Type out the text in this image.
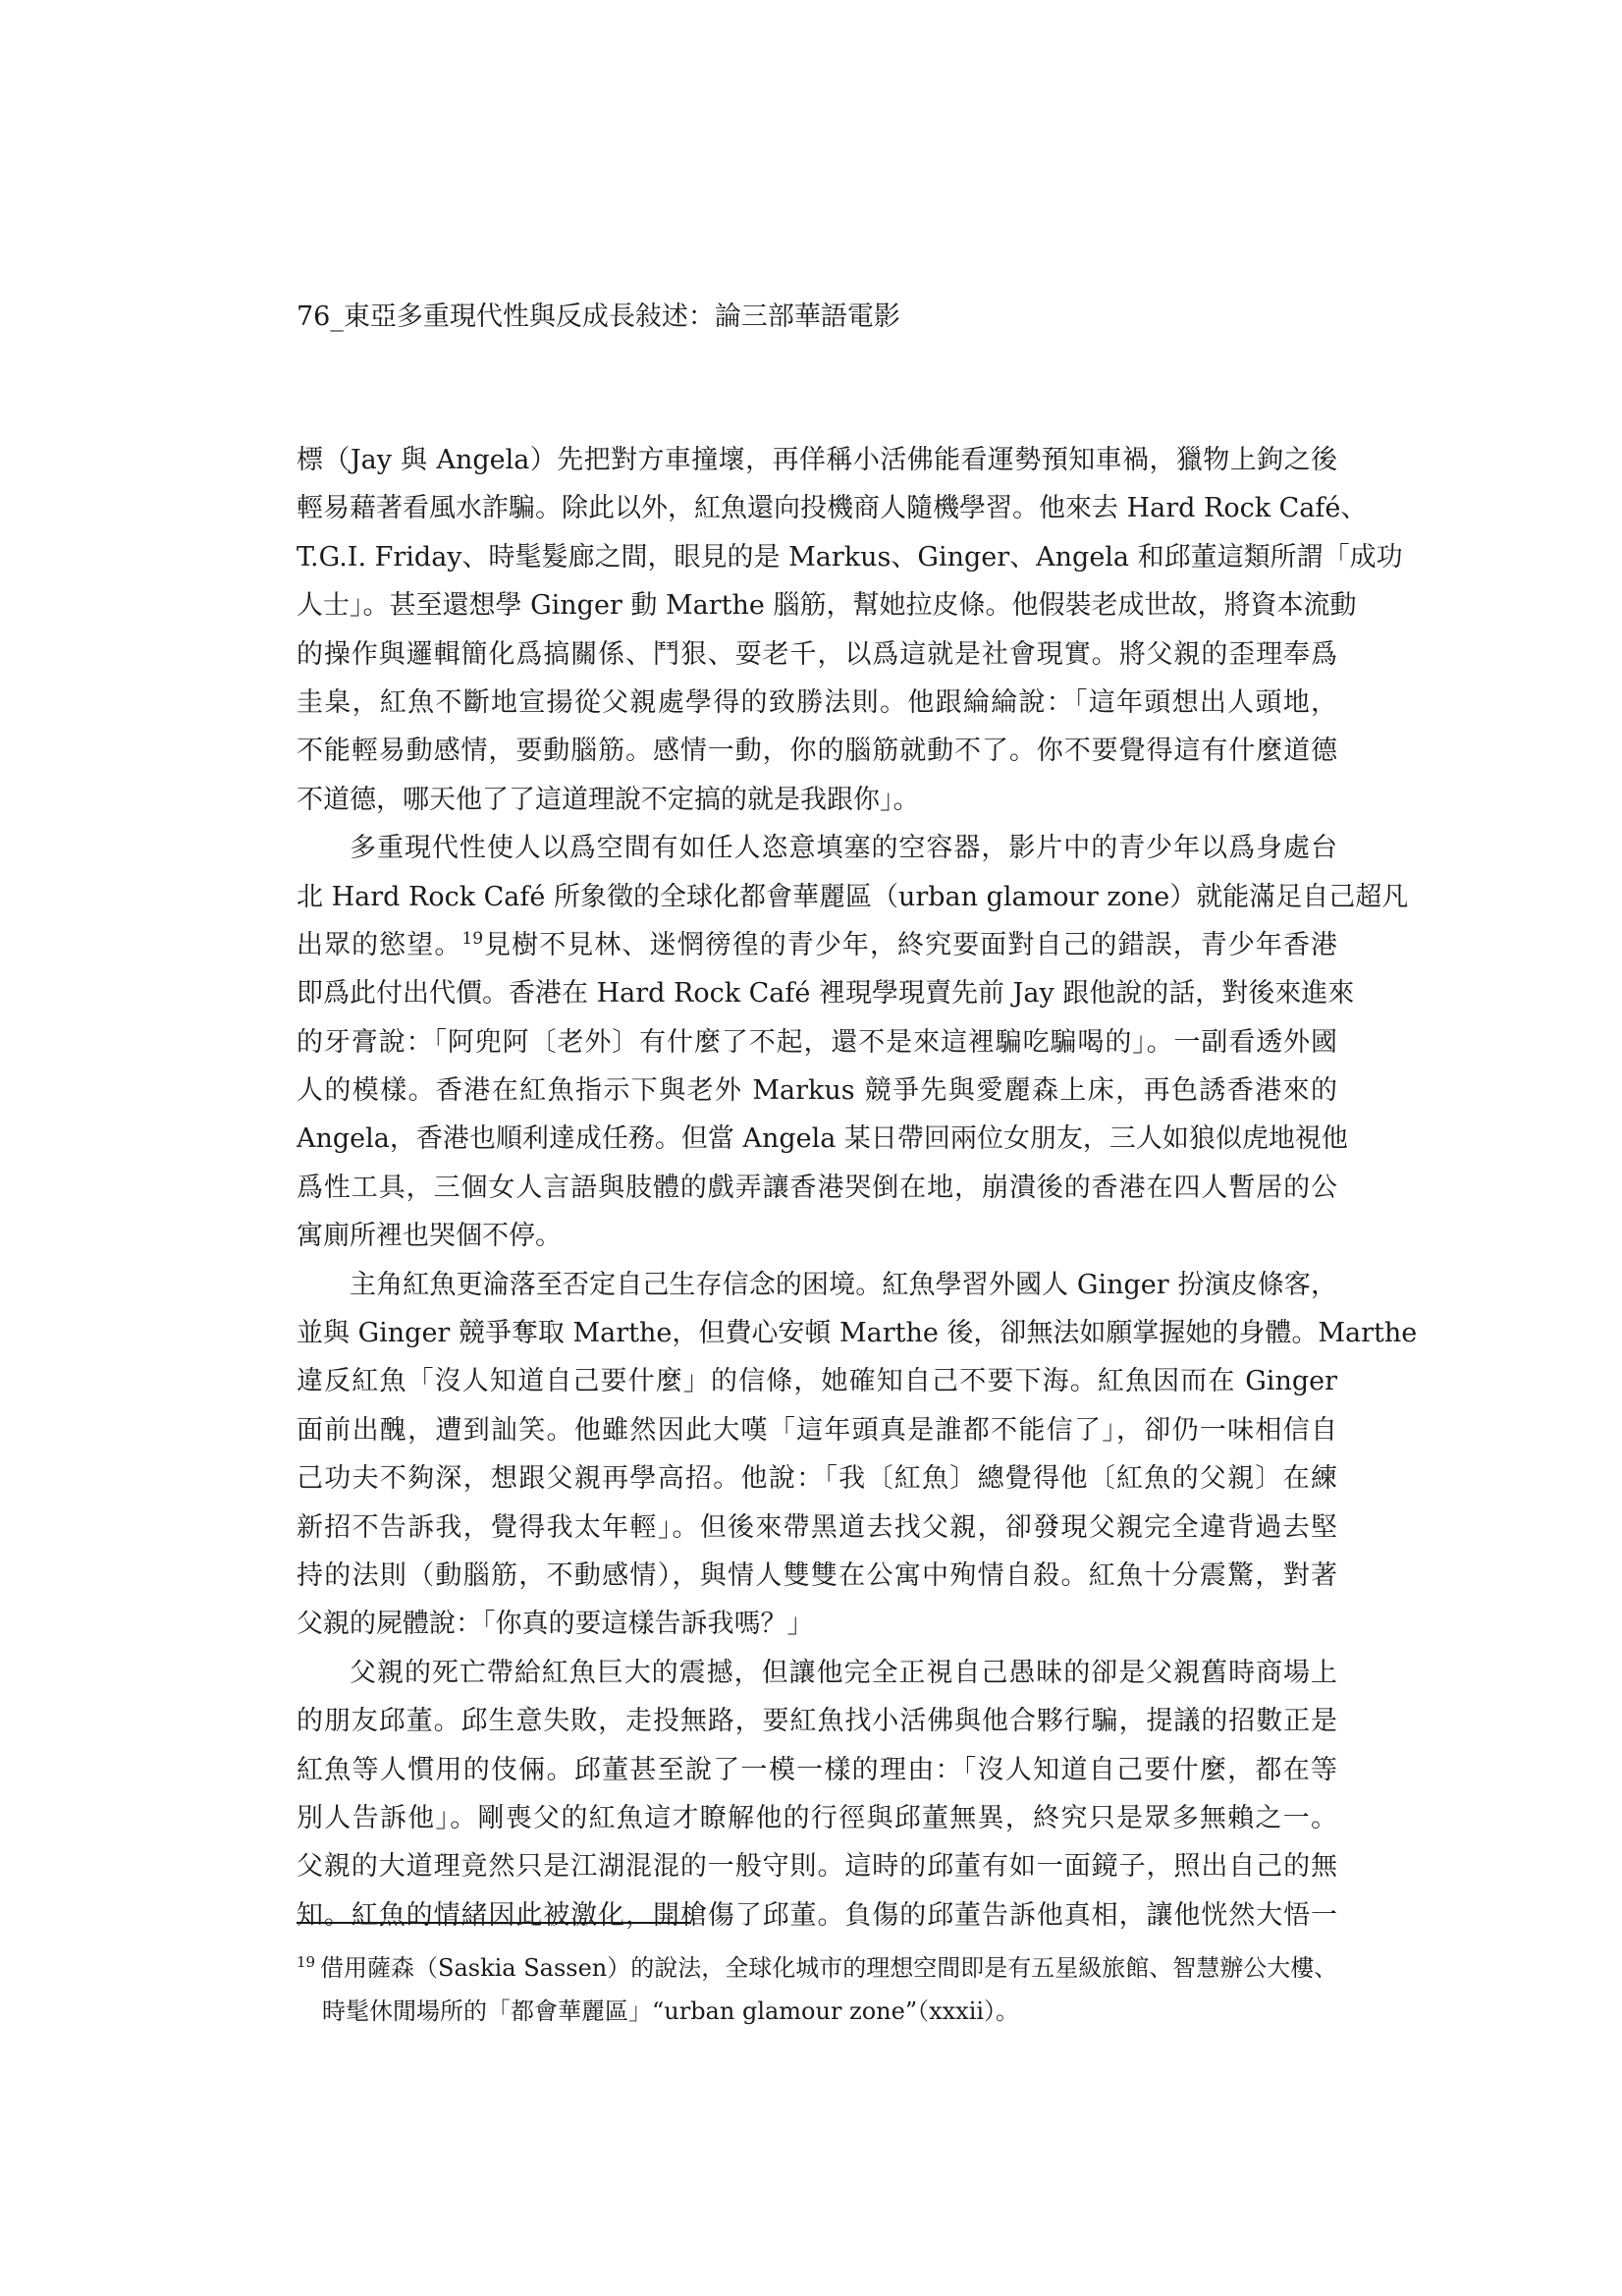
76_東亞多重現代性與反成長敍述：論三部華語電影
標（Jay 與 Angela）先把對方車撞壞，再佯稱小活佛能看運勢預知車禍，獵物上鉤之後
輕易藉著看風水詐騙。除此以外，紅魚還向投機商人隨機學習。他來去 Hard Rock Café、
T.G.I. Friday、時髦髮廊之間，眼見的是 Markus、Ginger、Angela 和邱董這類所謂「成功
人士」。甚至還想學 Ginger 動 Marthe 腦筋，幫她拉皮條。他假裝老成世故，將資本流動
的操作與邏輯簡化爲搞關係、鬥狠、耍老千，以爲這就是社會現實。將父親的歪理奉爲
圭臬，紅魚不斷地宣揚從父親處學得的致勝法則。他跟綸綸說：「這年頭想出人頭地，
不能輕易動感情，要動腦筋。感情一動，你的腦筋就動不了。你不要覺得這有什麼道德
不道德，哪天他了了這道理說不定搞的就是我跟你」。
多重現代性使人以爲空間有如任人恣意填塞的空容器，影片中的青少年以爲身處台
北 Hard Rock Café 所象徵的全球化都會華麗區（urban glamour zone）就能滿足自己超凡
出眾的慾望。$^{19}$見樹不見林、迷惘徬徨的青少年，終究要面對自己的錯誤，青少年香港
即爲此付出代價。香港在 Hard Rock Café 裡現學現賣先前 Jay 跟他說的話，對後來進來
的牙膏說：「阿兜阿〔老外〕有什麼了不起，還不是來這裡騙吃騙喝的」。一副看透外國
人的模樣。香港在紅魚指示下與老外 Markus 競爭先與愛麗森上床，再色誘香港來的
Angela，香港也順利達成任務。但當 Angela 某日帶回兩位女朋友，三人如狼似虎地視他
爲性工具，三個女人言語與肢體的戲弄讓香港哭倒在地，崩潰後的香港在四人暫居的公
寓廁所裡也哭個不停。
主角紅魚更淪落至否定自己生存信念的困境。紅魚學習外國人 Ginger 扮演皮條客，
並與 Ginger 競爭奪取 Marthe，但費心安頓 Marthe 後，卻無法如願掌握她的身體。Marthe
違反紅魚「沒人知道自己要什麼」的信條，她確知自己不要下海。紅魚因而在 Ginger
面前出醜，遭到訕笑。他雖然因此大嘆「這年頭真是誰都不能信了」，卻仍一味相信自
己功夫不夠深，想跟父親再學高招。他說：「我〔紅魚〕總覺得他〔紅魚的父親〕在練
新招不告訴我，覺得我太年輕」。但後來帶黑道去找父親，卻發現父親完全違背過去堅
持的法則（動腦筋，不動感情），與情人雙雙在公寓中殉情自殺。紅魚十分震驚，對著
父親的屍體說：「你真的要這樣告訴我嗎？」
父親的死亡帶給紅魚巨大的震撼，但讓他完全正視自己愚昧的卻是父親舊時商場上
的朋友邱董。邱生意失敗，走投無路，要紅魚找小活佛與他合夥行騙，提議的招數正是
紅魚等人慣用的伎倆。邱董甚至說了一模一樣的理由：「沒人知道自己要什麼，都在等
別人告訴他」。剛喪父的紅魚這才瞭解他的行徑與邱董無異，終究只是眾多無賴之一。
父親的大道理竟然只是江湖混混的一般守則。這時的邱董有如一面鏡子，照出自己的無
知。紅魚的情緒因此被激化，開槍傷了邱董。負傷的邱董告訴他真相，讓他恍然大悟一
19 借用薩森（Saskia Sassen）的說法，全球化城市的理想空間即是有五星級旅館、智慧辦公大樓、
時髦休閒場所的「都會華麗區」“urban glamour zone”（xxxii）。
